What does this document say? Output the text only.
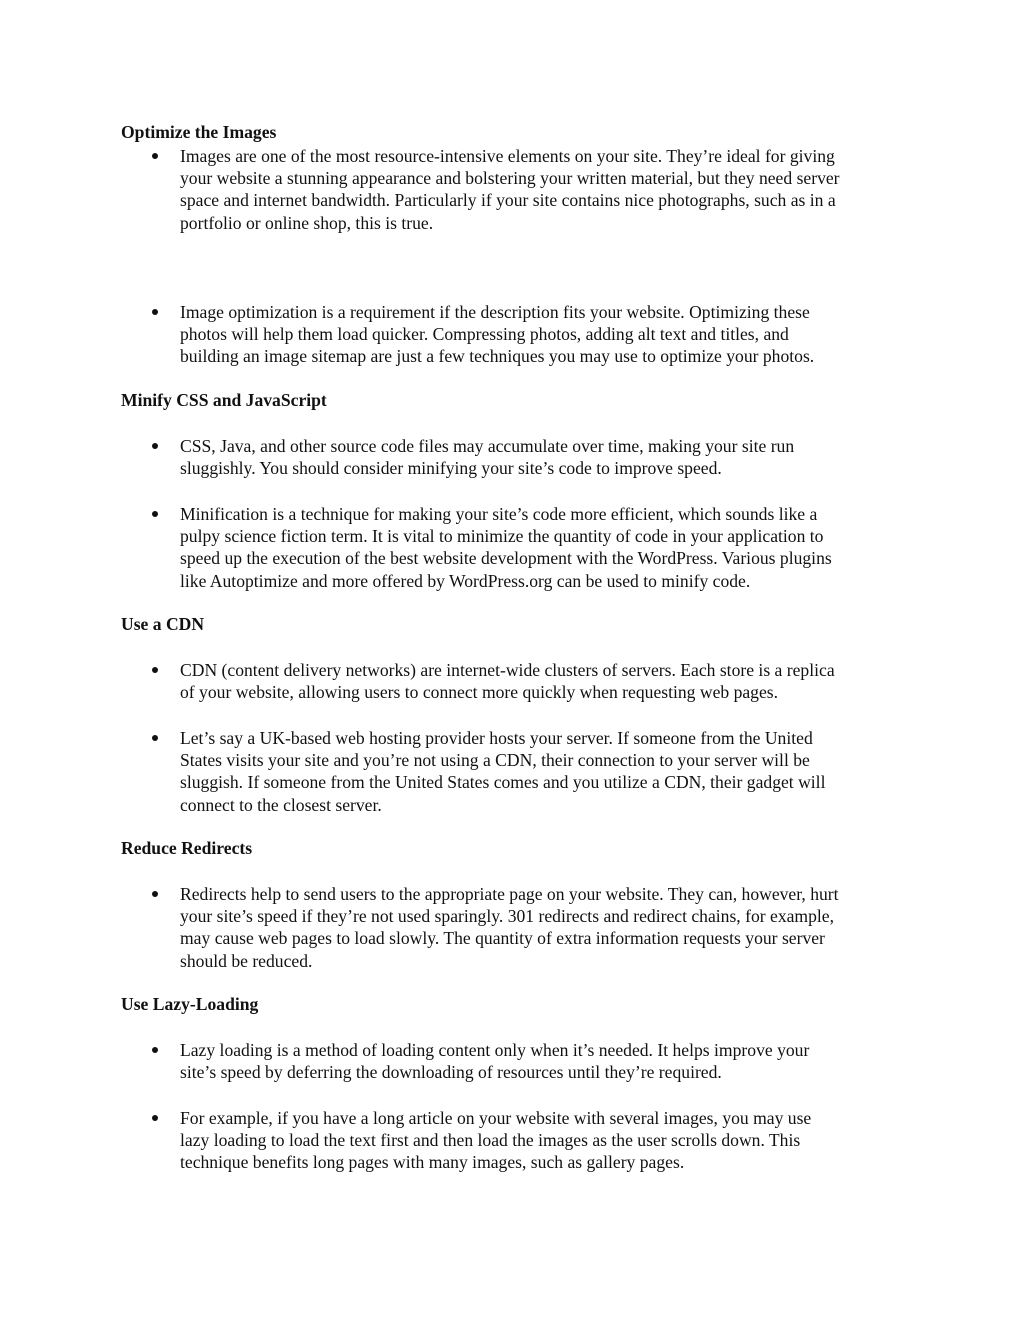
Optimize the Images

Images are one of the most resource-intensive elements on your site. They’re ideal for giving
your website a stunning appearance and bolstering your written material, but they need server
space and internet bandwidth. Particularly if your site contains nice photographs, such as in a
portfolio or online shop, this is true.

Image optimization is a requirement if the description fits your website. Optimizing these
photos will help them load quicker. Compressing photos, adding alt text and titles, and
building an image sitemap are just a few techniques you may use to optimize your photos.

Minify CSS and JavaScript

CSS, Java, and other source code files may accumulate over time, making your site run
sluggishly. You should consider minifying your site’s code to improve speed.

Minification is a technique for making your site’s code more efficient, which sounds like a
pulpy science fiction term. It is vital to minimize the quantity of code in your application to
speed up the execution of the best website development with the WordPress. Various plugins
like Autoptimize and more offered by WordPress.org can be used to minify code.

Use a CDN

CDN (content delivery networks) are internet-wide clusters of servers. Each store is a replica
of your website, allowing users to connect more quickly when requesting web pages.

Let’s say a UK-based web hosting provider hosts your server. If someone from the United
States visits your site and you’re not using a CDN, their connection to your server will be
sluggish. If someone from the United States comes and you utilize a CDN, their gadget will
connect to the closest server.

Reduce Redirects

Redirects help to send users to the appropriate page on your website. They can, however, hurt
your site’s speed if they’re not used sparingly. 301 redirects and redirect chains, for example,
may cause web pages to load slowly. The quantity of extra information requests your server
should be reduced.

Use Lazy-Loading

Lazy loading is a method of loading content only when it’s needed. It helps improve your
site’s speed by deferring the downloading of resources until they’re required.

For example, if you have a long article on your website with several images, you may use
lazy loading to load the text first and then load the images as the user scrolls down. This
technique benefits long pages with many images, such as gallery pages.
